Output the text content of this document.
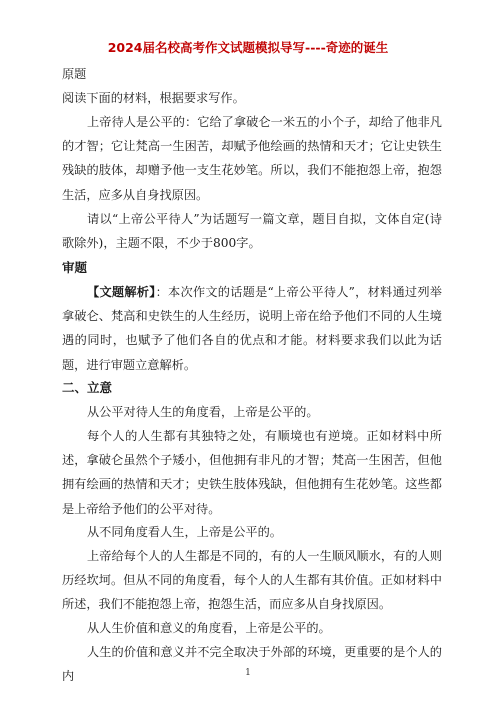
2024届名校高考作文试题模拟导写----奇迹的诞生

原题

阅读下面的材料，根据要求写作。

上帝待人是公平的：它给了拿破仑一米五的小个子，却给了他非凡的才智；它让梵高一生困苦，却赋予他绘画的热情和天才；它让史铁生残缺的肢体，却赠予他一支生花妙笔。所以，我们不能抱怨上帝，抱怨生活，应多从自身找原因。

请以“上帝公平待人”为话题写一篇文章，题目自拟，文体自定(诗歌除外)，主题不限，不少于800字。

审题

【文题解析】：本次作文的话题是“上帝公平待人”，材料通过列举拿破仑、梵高和史铁生的人生经历，说明上帝在给予他们不同的人生境遇的同时，也赋予了他们各自的优点和才能。材料要求我们以此为话题，进行审题立意解析。

二、立意

从公平对待人生的角度看，上帝是公平的。

每个人的人生都有其独特之处，有顺境也有逆境。正如材料中所述，拿破仑虽然个子矮小，但他拥有非凡的才智；梵高一生困苦，但他拥有绘画的热情和天才；史铁生肢体残缺，但他拥有生花妙笔。这些都是上帝给予他们的公平对待。

从不同角度看人生，上帝是公平的。

上帝给每个人的人生都是不同的，有的人一生顺风顺水，有的人则历经坎坷。但从不同的角度看，每个人的人生都有其价值。正如材料中所述，我们不能抱怨上帝，抱怨生活，而应多从自身找原因。

从人生价值和意义的角度看，上帝是公平的。

人生的价值和意义并不完全取决于外部的环境，更重要的是个人的内	1
